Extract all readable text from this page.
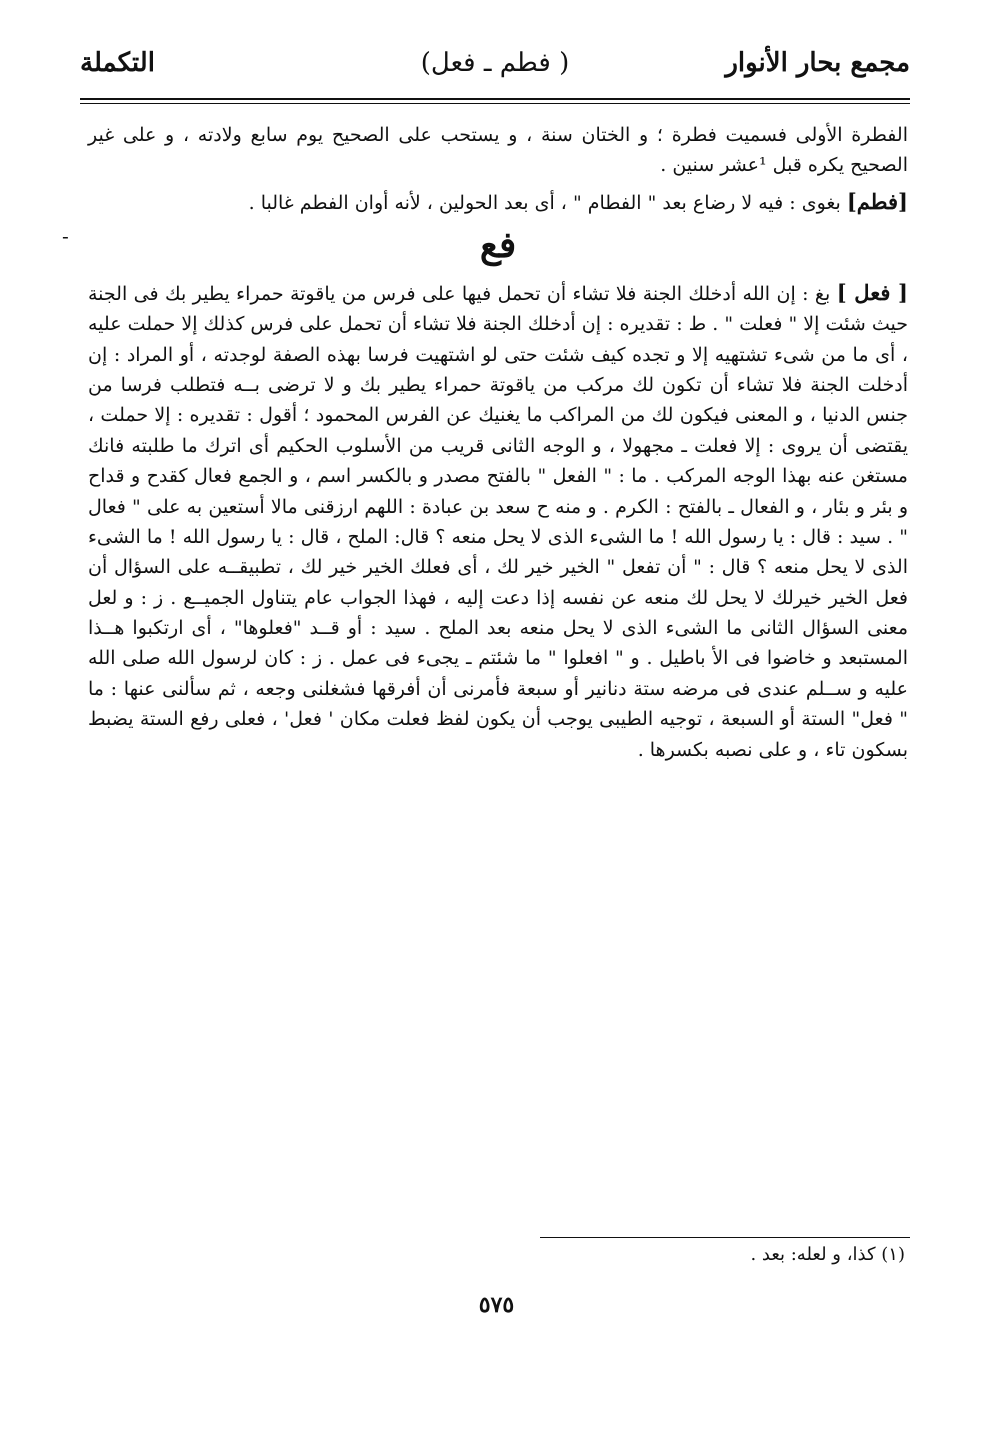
مجمع بحار الأنوار
( فطم ـ فعل)
التكملة
-

الفطرة الأولى فسميت فطرة ؛ و الختان سنة ، و يستحب على الصحيح يوم سابع ولادته ، و على غير الصحيح يكره قبل ¹عشر سنين .

[فطم] بغوى : فيه لا رضاع بعد " الفطام " ، أى بعد الحولين ، لأنه أوان الفطم غالبا .

فع

[ فعل ] بغ : إن الله أدخلك الجنة فلا تشاء أن تحمل فيها على فرس من ياقوتة حمراء يطير بك فى الجنة حيث شئت إلا " فعلت " . ط : تقديره : إن أدخلك الجنة فلا تشاء أن تحمل على فرس كذلك إلا حملت عليه ، أى ما من شىء تشتهيه إلا و تجده كيف شئت حتى لو اشتهيت فرسا بهذه الصفة لوجدته ، أو المراد : إن أدخلت الجنة فلا تشاء أن تكون لك مركب من ياقوتة حمراء يطير بك و لا ترضى بــه فتطلب فرسا من جنس الدنيا ، و المعنى فيكون لك من المراكب ما يغنيك عن الفرس المحمود ؛ أقول : تقديره : إلا حملت ، يقتضى أن يروى : إلا فعلت ـ مجهولا ، و الوجه الثانى قريب من الأسلوب الحكيم أى اترك ما طلبته فانك مستغن عنه بهذا الوجه المركب . ما : " الفعل " بالفتح مصدر و بالكسر اسم ، و الجمع فعال كقدح و قداح و بئر و بئار ، و الفعال ـ بالفتح : الكرم . و منه ح سعد بن عبادة : اللهم ارزقنى مالا أستعين به على " فعال " . سيد : قال : يا رسول الله ! ما الشىء الذى لا يحل منعه ؟ قال: الملح ، قال : يا رسول الله ! ما الشىء الذى لا يحل منعه ؟ قال : " أن تفعل " الخير خير لك ، أى فعلك الخير خير لك ، تطبيقــه على السؤال أن فعل الخير خيرلك لا يحل لك منعه عن نفسه إذا دعت إليه ، فهذا الجواب عام يتناول الجميــع . ز : و لعل معنى السؤال الثانى ما الشىء الذى لا يحل منعه بعد الملح . سيد : أو قــد "فعلوها" ، أى ارتكبوا هــذا المستبعد و خاضوا فى الأ باطيل . و " افعلوا " ما شئتم ـ يجىء فى عمل . ز : كان لرسول الله صلى الله عليه و ســلم عندى فى مرضه ستة دنانير أو سبعة فأمرنى أن أفرقها فشغلنى وجعه ، ثم سألنى عنها : ما " فعل" الستة أو السبعة ، توجيه الطيبى يوجب أن يكون لفظ فعلت مكان ' فعل' ، فعلى رفع الستة يضبط بسكون تاء ، و على نصبه بكسرها .

(١) كذا، و لعله: بعد .
٥٧٥
